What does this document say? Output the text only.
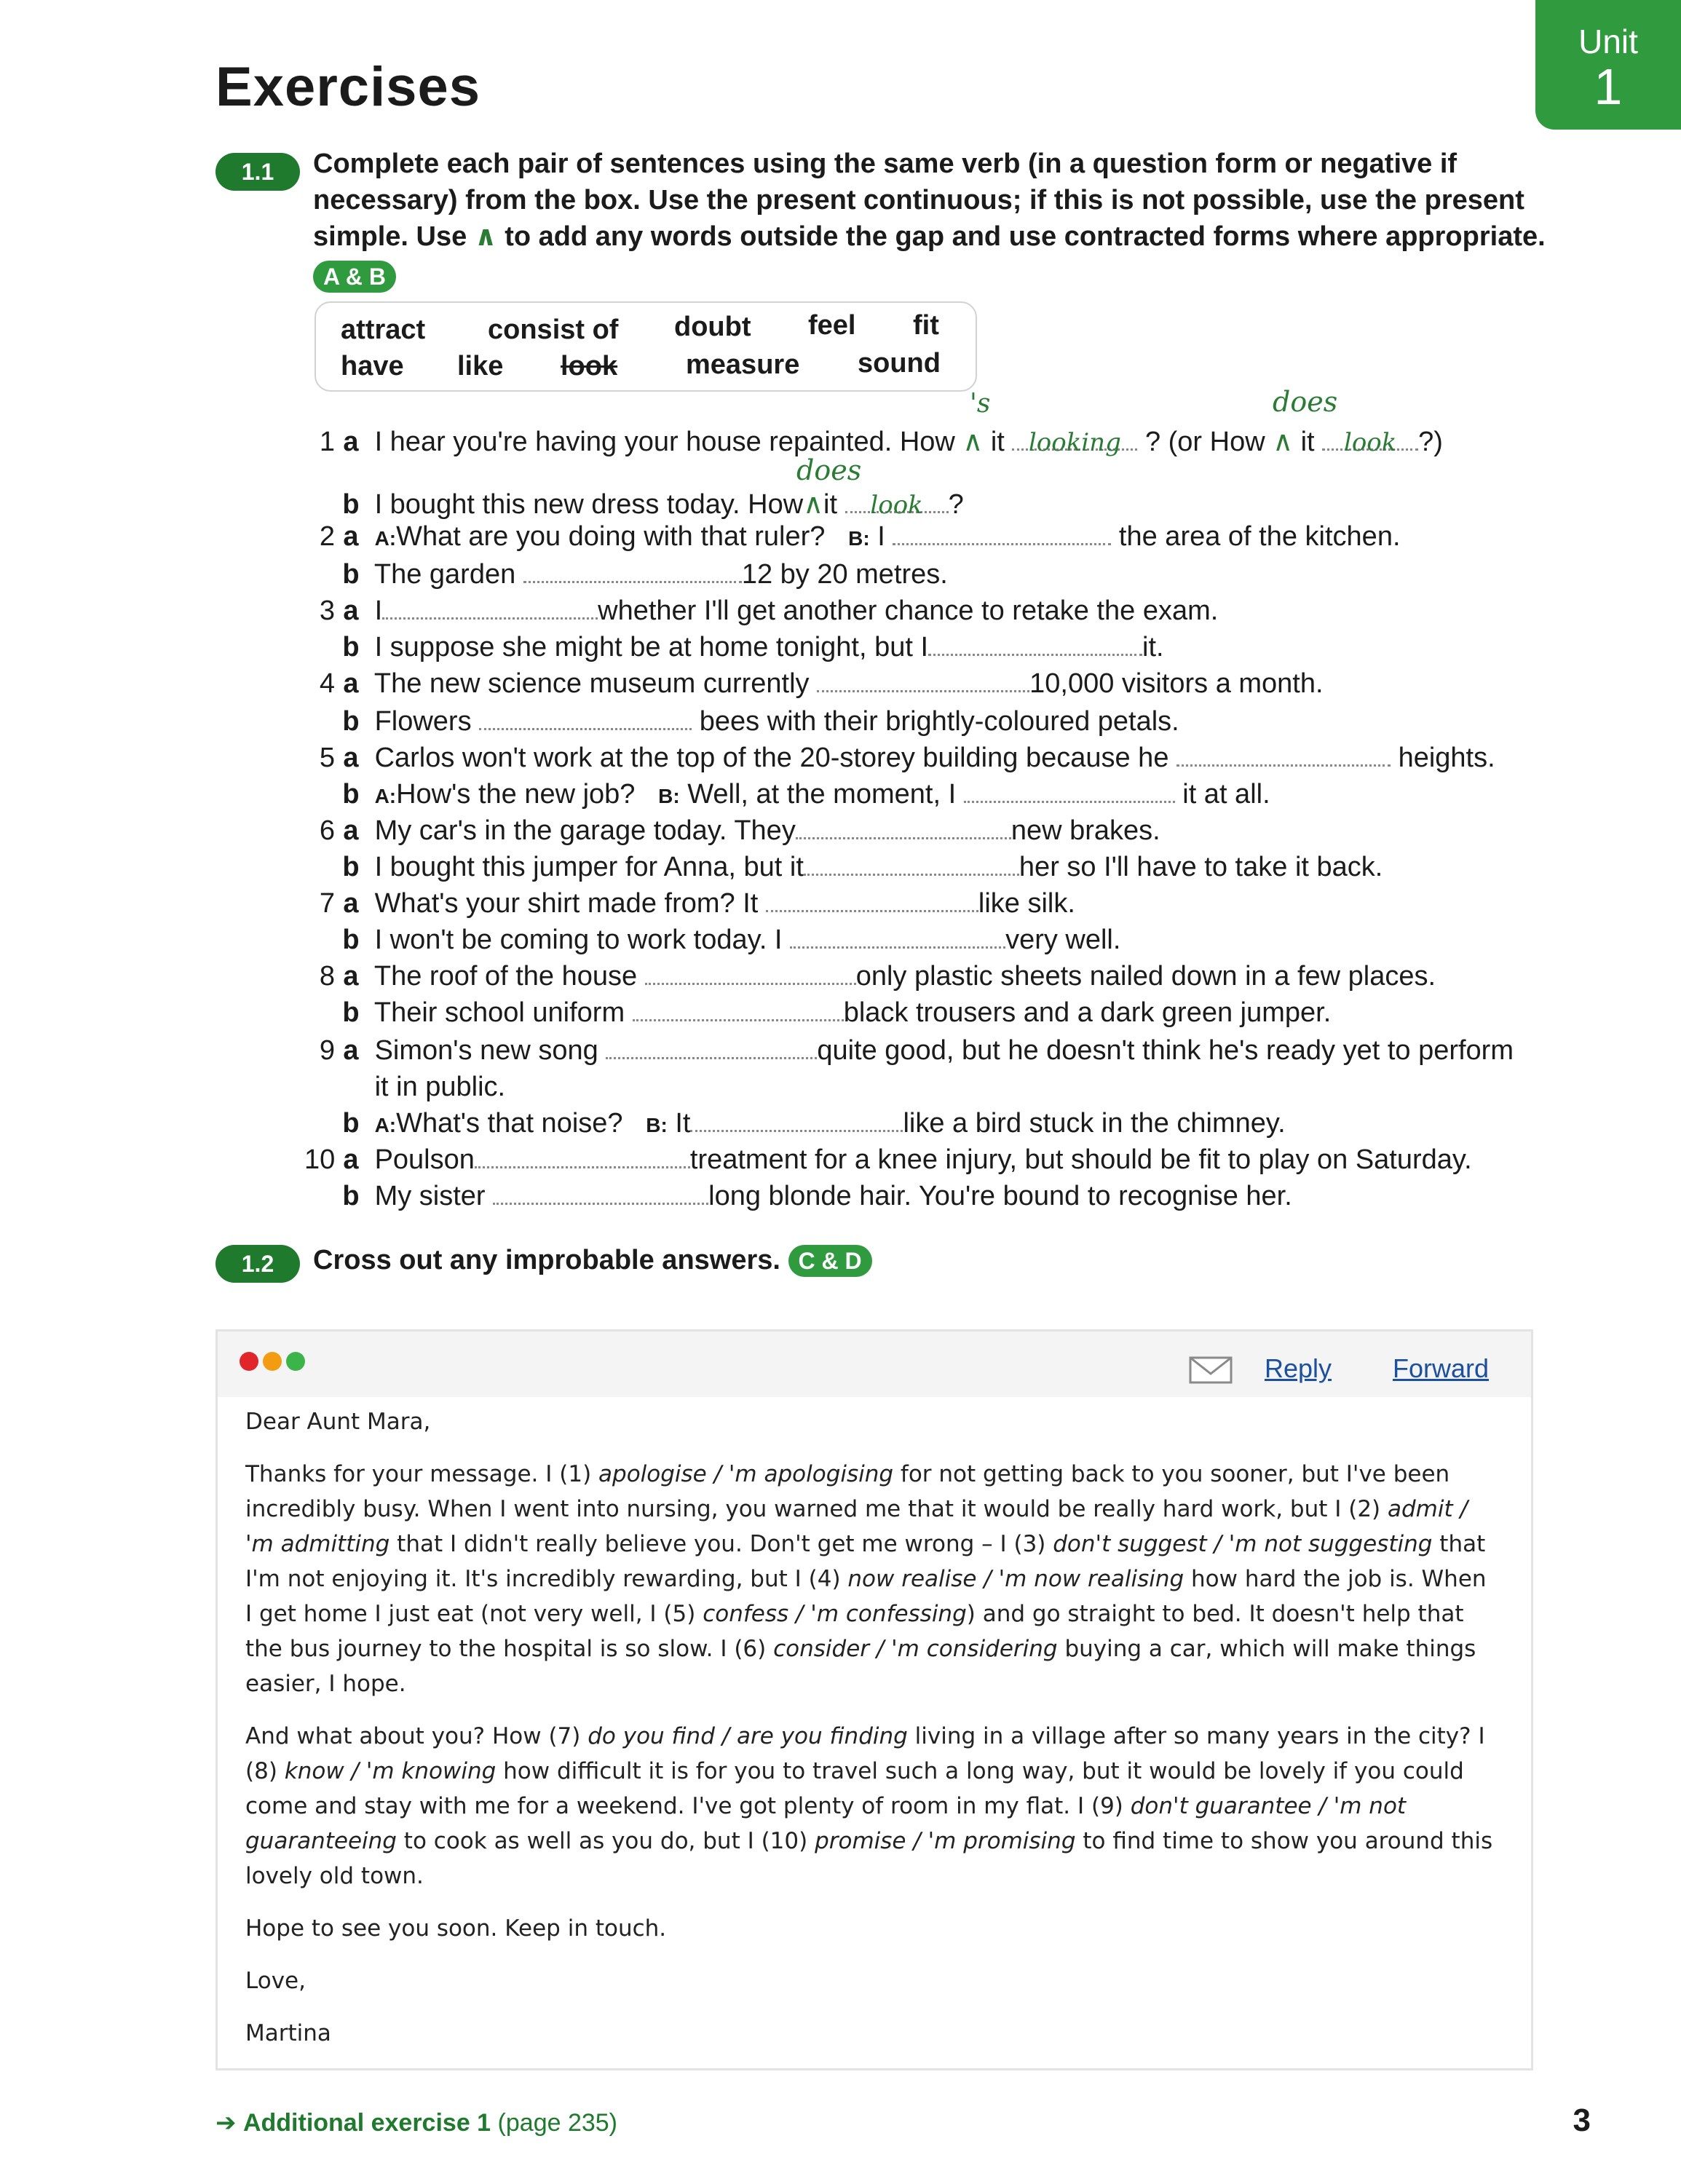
Unit
1
Exercises
1.1	Complete each pair of sentences using the same verb (in a question form or negative if
necessary) from the box. Use the present continuous; if this is not possible, use the present
simple. Use ∧ to add any words outside the gap and use contracted forms where appropriate.
A & B
attract consist of doubt feel fit
have like look measure sound
's	does
does
1 a I hear you're having your house repainted. How ∧ it looking ? (or How ∧ it look ?)
b I bought this new dress today. How∧it look ?
2 a A:What are you doing with that ruler? B: I	the area of the kitchen.
b The garden	12 by 20 metres.
3 a I	whether I'll get another chance to retake the exam.
b I suppose she might be at home tonight, but I	it.
4 a The new science museum currently	10,000 visitors a month.
b Flowers	bees with their brightly-coloured petals.
5 a Carlos won't work at the top of the 20-storey building because he	heights.
b A:How's the new job? B: Well, at the moment, I	it at all.
6 a My car's in the garage today. They	new brakes.
b I bought this jumper for Anna, but it	her so I'll have to take it back.
7 a What's your shirt made from? It	like silk.
b I won't be coming to work today. I	very well.
8 a The roof of the house	only plastic sheets nailed down in a few places.
b Their school uniform	black trousers and a dark green jumper.
9 a Simon's new song	quite good, but he doesn't think he's ready yet to perform
it in public.
b A:What's that noise? B: It	like a bird stuck in the chimney.
10 a Poulson	treatment for a knee injury, but should be fit to play on Saturday.
b My sister	long blonde hair. You're bound to recognise her.
1.2	Cross out any improbable answers. C & D
Reply Forward

Dear Aunt Mara,

Thanks for your message. I (1) apologise / 'm apologising for not getting back to you sooner, but I've been incredibly busy. When I went into nursing, you warned me that it would be really hard work, but I (2) admit / 'm admitting that I didn't really believe you. Don't get me wrong – I (3) don't suggest / 'm not suggesting that I'm not enjoying it. It's incredibly rewarding, but I (4) now realise / 'm now realising how hard the job is. When I get home I just eat (not very well, I (5) confess / 'm confessing) and go straight to bed. It doesn't help that the bus journey to the hospital is so slow. I (6) consider / 'm considering buying a car, which will make things easier, I hope.

And what about you? How (7) do you find / are you finding living in a village after so many years in the city? I (8) know / 'm knowing how difficult it is for you to travel such a long way, but it would be lovely if you could come and stay with me for a weekend. I've got plenty of room in my flat. I (9) don't guarantee / 'm not guaranteeing to cook as well as you do, but I (10) promise / 'm promising to find time to show you around this lovely old town.

Hope to see you soon. Keep in touch.

Love,

Martina

➔ Additional exercise 1 (page 235)	3
